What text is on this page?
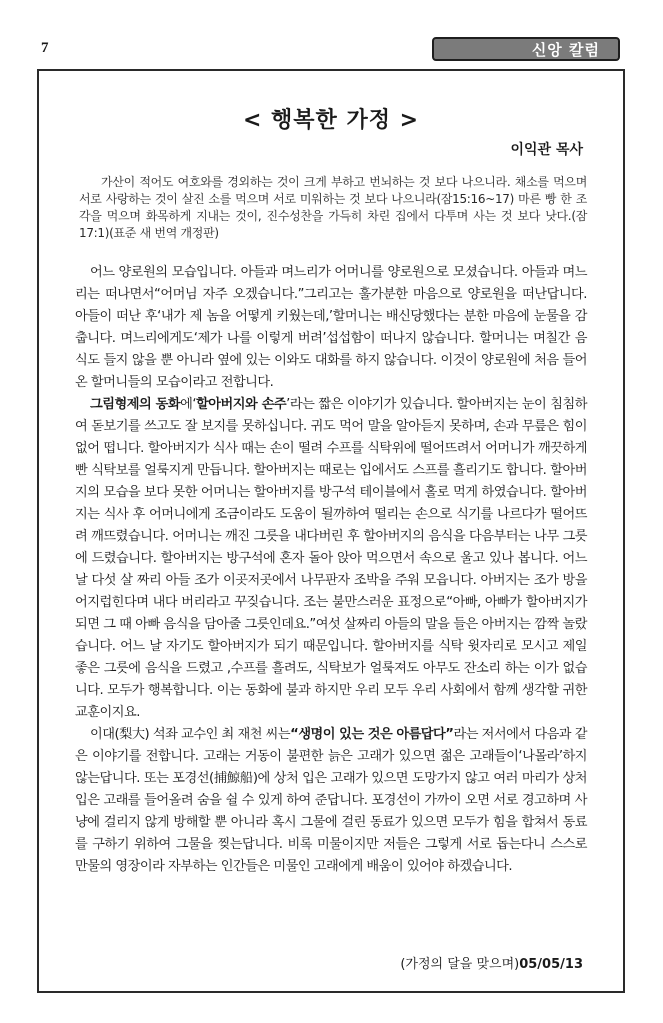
7	신앙 칼럼
< 행복한 가정 >
이익관 목사
가산이 적어도 여호와를 경외하는 것이 크게 부하고 번뇌하는 것 보다 나으니라. 채소를 먹으며 서로 사랑하는 것이 살진 소를 먹으며 서로 미워하는 것 보다 나으니라(잠15:16~17) 마른 빵 한 조각을 먹으며 화목하게 지내는 것이, 진수성찬을 가득히 차린 집에서 다투며 사는 것 보다 낫다.(잠17:1)(표준 새 번역 개정판)

어느 양로원의 모습입니다. 아들과 며느리가 어머니를 양로원으로 모셨습니다. 아들과 며느리는 떠나면서“어머님 자주 오겠습니다.”그리고는 훌가분한 마음으로 양로원을 떠난답니다. 아들이 떠난 후‘내가 제 놈을 어떻게 키웠는데,’할머니는 배신당했다는 분한 마음에 눈물을 감춥니다. 며느리에게도‘제가 나를 이렇게 버려’섭섭함이 떠나지 않습니다. 할머니는 며칠간 음식도 들지 않을 뿐 아니라 옆에 있는 이와도 대화를 하지 않습니다. 이것이 양로원에 처음 들어온 할머니들의 모습이라고 전합니다.

그림형제의 동화에‘할아버지와 손주’라는 짧은 이야기가 있습니다. 할아버지는 눈이 침침하여 돋보기를 쓰고도 잘 보지를 못하십니다. 귀도 먹어 말을 알아듣지 못하며, 손과 무릎은 힘이 없어 떱니다. 할아버지가 식사 때는 손이 떨려 수프를 식탁위에 떨어뜨려서 어머니가 깨끗하게 빤 식탁보를 얼룩지게 만듭니다. 할아버지는 때로는 입에서도 스프를 흘리기도 합니다. 할아버지의 모습을 보다 못한 어머니는 할아버지를 방구석 테이블에서 홀로 먹게 하였습니다. 할아버지는 식사 후 어머니에게 조금이라도 도움이 될까하여 떨리는 손으로 식기를 나르다가 떨어뜨려 깨뜨렸습니다. 어머니는 깨진 그릇을 내다버린 후 할아버지의 음식을 다음부터는 나무 그릇에 드렸습니다. 할아버지는 방구석에 혼자 돌아 앉아 먹으면서 속으로 울고 있나 봅니다. 어느 날 다섯 살 짜리 아들 조가 이곳저곳에서 나무판자 조박을 주워 모읍니다. 아버지는 조가 방을 어지럽힌다며 내다 버리라고 꾸짖습니다. 조는 불만스러운 표정으로“아빠, 아빠가 할아버지가 되면 그 때 아빠 음식을 담아줄 그릇인데요.”여섯 살짜리 아들의 말을 들은 아버지는 깜짝 놀랐습니다. 어느 날 자기도 할아버지가 되기 때문입니다. 할아버지를 식탁 윗자리로 모시고 제일 좋은 그릇에 음식을 드렸고 ,수프를 흘려도, 식탁보가 얼룩져도 아무도 잔소리 하는 이가 없습니다. 모두가 행복합니다. 이는 동화에 불과 하지만 우리 모두 우리 사회에서 함께 생각할 귀한 교훈이지요.

이대(梨大) 석좌 교수인 최 재천 씨는“생명이 있는 것은 아름답다”라는 저서에서 다음과 같은 이야기를 전합니다. 고래는 거동이 불편한 늙은 고래가 있으면 젊은 고래들이‘나몰라’하지 않는답니다. 또는 포경선(捕鯨船)에 상처 입은 고래가 있으면 도망가지 않고 여러 마리가 상처 입은 고래를 들어올려 숨을 쉴 수 있게 하여 준답니다. 포경선이 가까이 오면 서로 경고하며 사냥에 걸리지 않게 방해할 뿐 아니라 혹시 그물에 걸린 동료가 있으면 모두가 힘을 합쳐서 동료를 구하기 위하여 그물을 찢는답니다. 비록 미물이지만 저들은 그렇게 서로 돕는다니 스스로 만물의 영장이라 자부하는 인간들은 미물인 고래에게 배움이 있어야 하겠습니다.

(가정의 달을 맞으며)05/05/13
